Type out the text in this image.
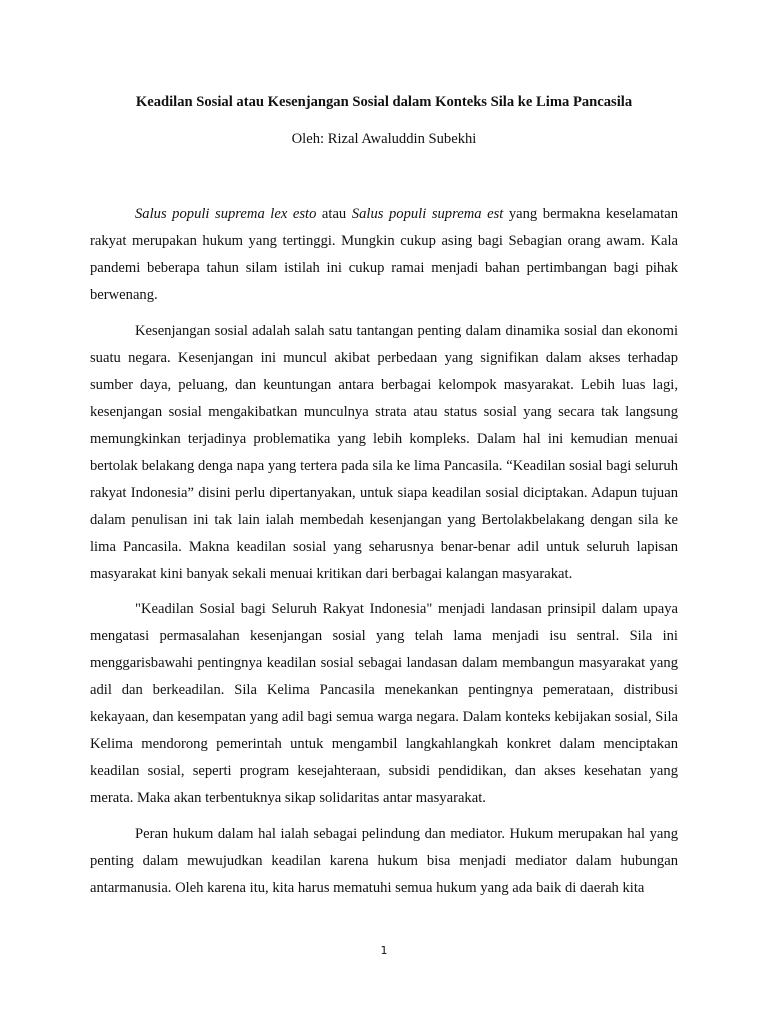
Keadilan Sosial atau Kesenjangan Sosial dalam Konteks Sila ke Lima Pancasila

Oleh: Rizal Awaluddin Subekhi

Salus populi suprema lex esto atau Salus populi suprema est yang bermakna keselamatan rakyat merupakan hukum yang tertinggi. Mungkin cukup asing bagi Sebagian orang awam. Kala pandemi beberapa tahun silam istilah ini cukup ramai menjadi bahan pertimbangan bagi pihak berwenang.

Kesenjangan sosial adalah salah satu tantangan penting dalam dinamika sosial dan ekonomi suatu negara. Kesenjangan ini muncul akibat perbedaan yang signifikan dalam akses terhadap sumber daya, peluang, dan keuntungan antara berbagai kelompok masyarakat. Lebih luas lagi, kesenjangan sosial mengakibatkan munculnya strata atau status sosial yang secara tak langsung memungkinkan terjadinya problematika yang lebih kompleks. Dalam hal ini kemudian menuai bertolak belakang denga napa yang tertera pada sila ke lima Pancasila. “Keadilan sosial bagi seluruh rakyat Indonesia” disini perlu dipertanyakan, untuk siapa keadilan sosial diciptakan. Adapun tujuan dalam penulisan ini tak lain ialah membedah kesenjangan yang Bertolakbelakang dengan sila ke lima Pancasila. Makna keadilan sosial yang seharusnya benar-benar adil untuk seluruh lapisan masyarakat kini banyak sekali menuai kritikan dari berbagai kalangan masyarakat.

"Keadilan Sosial bagi Seluruh Rakyat Indonesia" menjadi landasan prinsipil dalam upaya mengatasi permasalahan kesenjangan sosial yang telah lama menjadi isu sentral. Sila ini menggarisbawahi pentingnya keadilan sosial sebagai landasan dalam membangun masyarakat yang adil dan berkeadilan. Sila Kelima Pancasila menekankan pentingnya pemerataan, distribusi kekayaan, dan kesempatan yang adil bagi semua warga negara. Dalam konteks kebijakan sosial, Sila Kelima mendorong pemerintah untuk mengambil langkahlangkah konkret dalam menciptakan keadilan sosial, seperti program kesejahteraan, subsidi pendidikan, dan akses kesehatan yang merata. Maka akan terbentuknya sikap solidaritas antar masyarakat.

Peran hukum dalam hal ialah sebagai pelindung dan mediator. Hukum merupakan hal yang penting dalam mewujudkan keadilan karena hukum bisa menjadi mediator dalam hubungan antarmanusia. Oleh karena itu, kita harus mematuhi semua hukum yang ada baik di daerah kita

1
